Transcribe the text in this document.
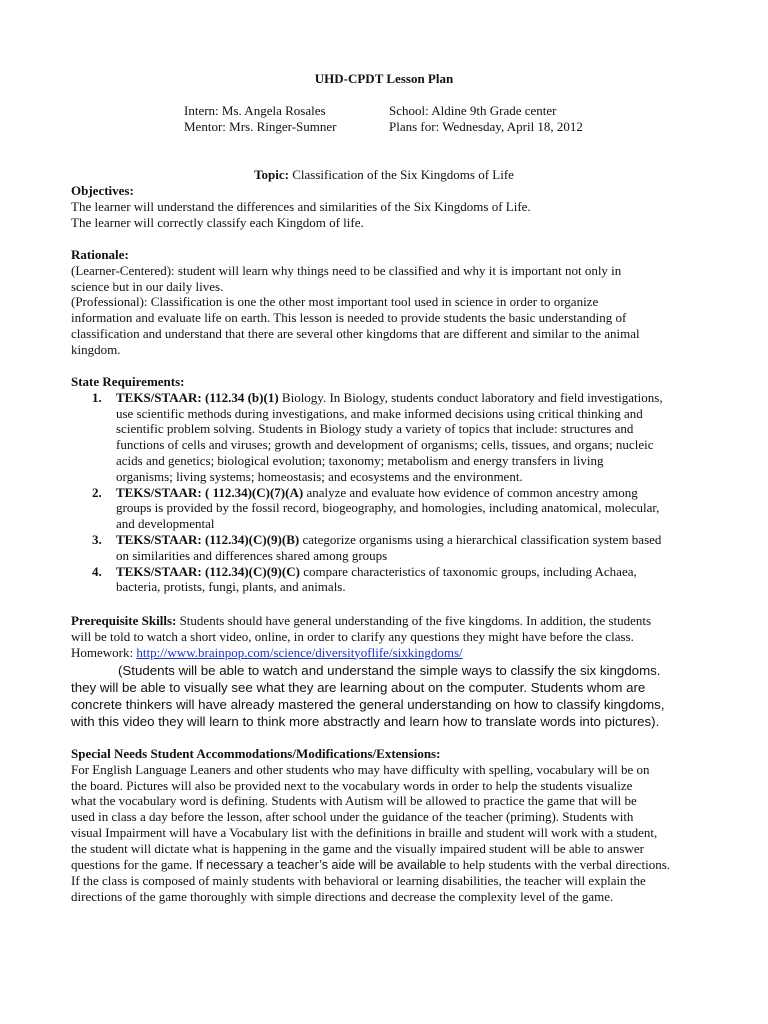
UHD-CPDT Lesson Plan
Intern: Ms. Angela Rosales	School: Aldine 9th Grade center
Mentor: Mrs. Ringer-Sumner	Plans for: Wednesday, April 18, 2012
Topic: Classification of the Six Kingdoms of Life

Objectives:

The learner will understand the differences and similarities of the Six Kingdoms of Life.

The learner will correctly classify each Kingdom of life.

Rationale:

(Learner-Centered): student will learn why things need to be classified and why it is important not only in

science but in our daily lives.

(Professional): Classification is one the other most important tool used in science in order to organize

information and evaluate life on earth. This lesson is needed to provide students the basic understanding of

classification and understand that there are several other kingdoms that are different and similar to the animal

kingdom.

State Requirements:

1. TEKS/STAAR: (112.34 (b)(1) Biology. In Biology, students conduct laboratory and field investigations,

use scientific methods during investigations, and make informed decisions using critical thinking and

scientific problem solving. Students in Biology study a variety of topics that include: structures and

functions of cells and viruses; growth and development of organisms; cells, tissues, and organs; nucleic

acids and genetics; biological evolution; taxonomy; metabolism and energy transfers in living

organisms; living systems; homeostasis; and ecosystems and the environment.

2. TEKS/STAAR: ( 112.34)(C)(7)(A) analyze and evaluate how evidence of common ancestry among

groups is provided by the fossil record, biogeography, and homologies, including anatomical, molecular,

and developmental

3. TEKS/STAAR: (112.34)(C)(9)(B) categorize organisms using a hierarchical classification system based

on similarities and differences shared among groups

4. TEKS/STAAR: (112.34)(C)(9)(C) compare characteristics of taxonomic groups, including Achaea,

bacteria, protists, fungi, plants, and animals.

Prerequisite Skills: Students should have general understanding of the five kingdoms. In addition, the students

will be told to watch a short video, online, in order to clarify any questions they might have before the class.

Homework: http://www.brainpop.com/science/diversityoflife/sixkingdoms/

(Students will be able to watch and understand the simple ways to classify the six kingdoms.

they will be able to visually see what they are learning about on the computer. Students whom are

concrete thinkers will have already mastered the general understanding on how to classify kingdoms,

with this video they will learn to think more abstractly and learn how to translate words into pictures).

Special Needs Student Accommodations/Modifications/Extensions:

For English Language Leaners and other students who may have difficulty with spelling, vocabulary will be on

the board. Pictures will also be provided next to the vocabulary words in order to help the students visualize

what the vocabulary word is defining. Students with Autism will be allowed to practice the game that will be

used in class a day before the lesson, after school under the guidance of the teacher (priming). Students with

visual Impairment will have a Vocabulary list with the definitions in braille and student will work with a student,

the student will dictate what is happening in the game and the visually impaired student will be able to answer

questions for the game. If necessary a teacher’s aide will be available to help students with the verbal directions.

If the class is composed of mainly students with behavioral or learning disabilities, the teacher will explain the

directions of the game thoroughly with simple directions and decrease the complexity level of the game.
